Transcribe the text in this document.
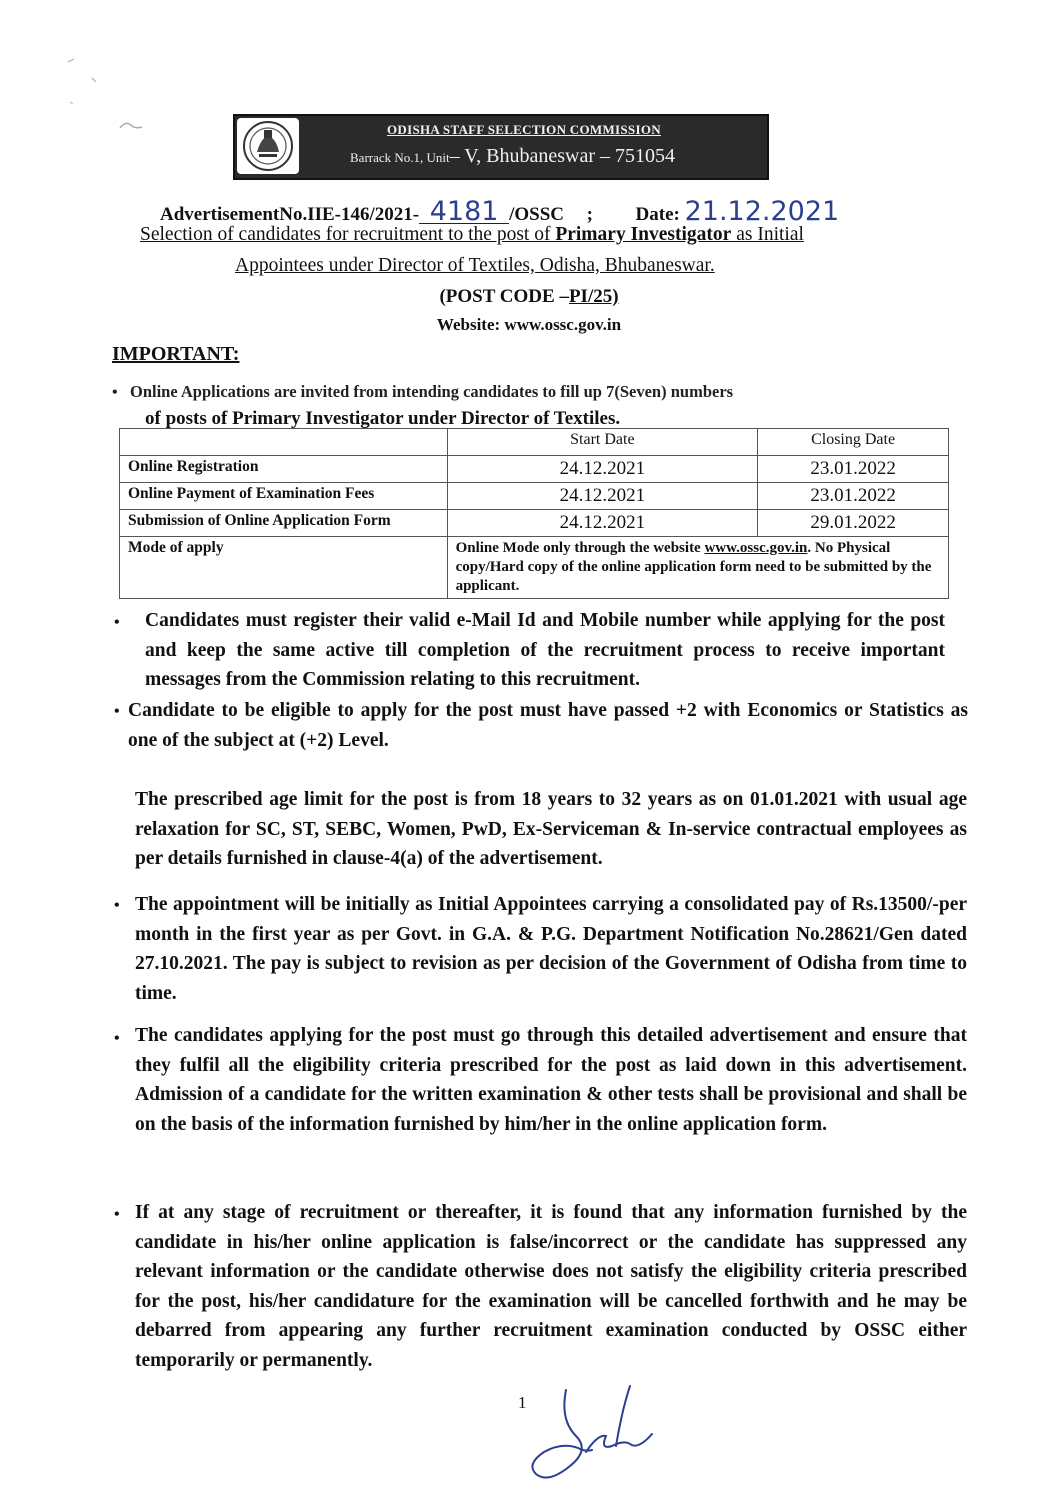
ODISHA STAFF SELECTION COMMISSION
Barrack No.1, Unit– V, Bhubaneswar – 751054
AdvertisementNo.IIE-146/2021- 4181 /OSSC ; Date: 21.12.2021
Selection of candidates for recruitment to the post of Primary Investigator as Initial
Appointees under Director of Textiles, Odisha, Bhubaneswar.
(POST CODE –PI/25)
Website: www.ossc.gov.in
IMPORTANT:
• Online Applications are invited from intending candidates to fill up 7(Seven) numbers
of posts of Primary Investigator under Director of Textiles.
	Start Date	Closing Date
Online Registration	24.12.2021	23.01.2022
Online Payment of Examination Fees	24.12.2021	23.01.2022
Submission of Online Application Form	24.12.2021	29.01.2022
Mode of apply	Online Mode only through the website www.ossc.gov.in. No Physical copy/Hard copy of the online application form need to be submitted by the applicant.	
• Candidates must register their valid e-Mail Id and Mobile number while applying for the post and keep the same active till completion of the recruitment process to receive important messages from the Commission relating to this recruitment.
• Candidate to be eligible to apply for the post must have passed +2 with Economics or Statistics as one of the subject at (+2) Level.
The prescribed age limit for the post is from 18 years to 32 years as on 01.01.2021 with usual age relaxation for SC, ST, SEBC, Women, PwD, Ex-Serviceman & In-service contractual employees as per details furnished in clause-4(a) of the advertisement.
• The appointment will be initially as Initial Appointees carrying a consolidated pay of Rs.13500/-per month in the first year as per Govt. in G.A. & P.G. Department Notification No.28621/Gen dated 27.10.2021. The pay is subject to revision as per decision of the Government of Odisha from time to time.
• The candidates applying for the post must go through this detailed advertisement and ensure that they fulfil all the eligibility criteria prescribed for the post as laid down in this advertisement. Admission of a candidate for the written examination & other tests shall be provisional and shall be on the basis of the information furnished by him/her in the online application form.
• If at any stage of recruitment or thereafter, it is found that any information furnished by the candidate in his/her online application is false/incorrect or the candidate has suppressed any relevant information or the candidate otherwise does not satisfy the eligibility criteria prescribed for the post, his/her candidature for the examination will be cancelled forthwith and he may be debarred from appearing any further recruitment examination conducted by OSSC either temporarily or permanently.
1
